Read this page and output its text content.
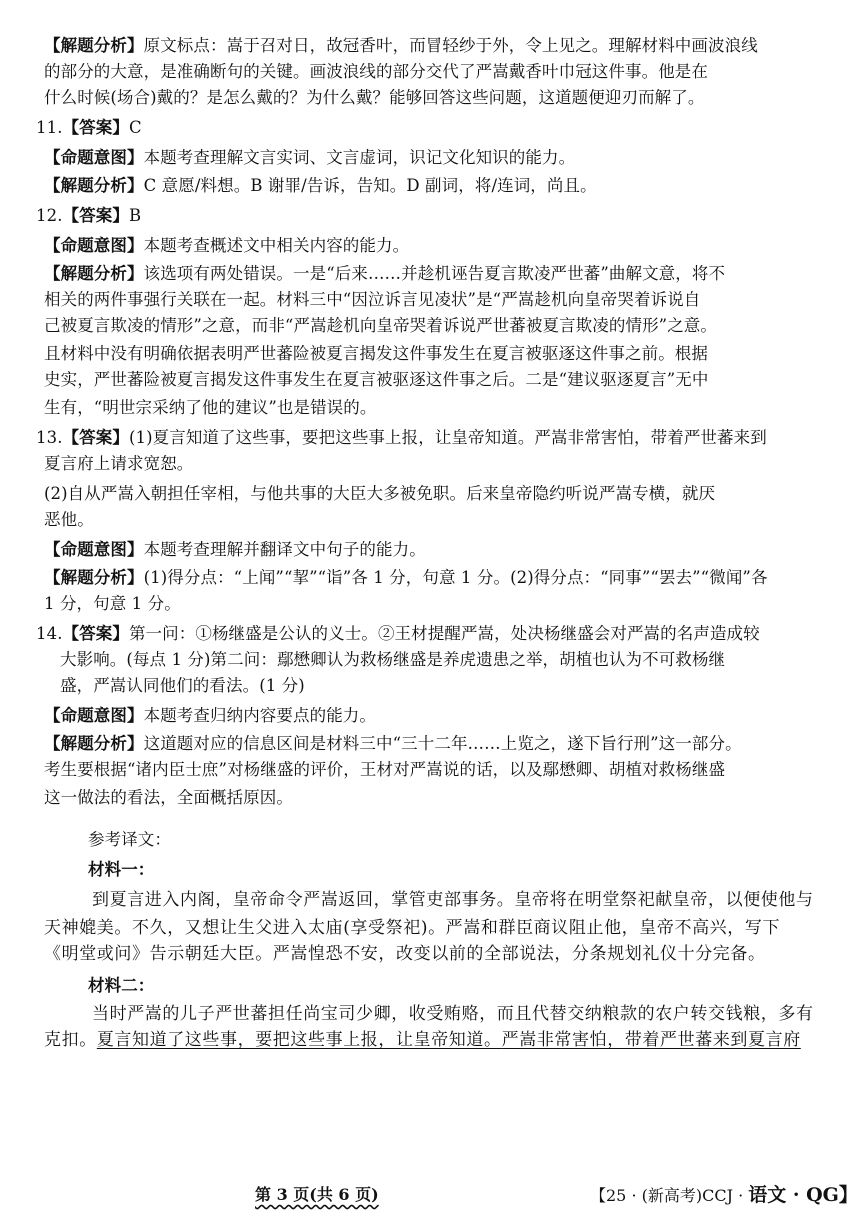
【解题分析】原文标点：嵩于召对日，故冠香叶，而冒轻纱于外，令上见之。理解材料中画波浪线
的部分的大意，是准确断句的关键。画波浪线的部分交代了严嵩戴香叶巾冠这件事。他是在
什么时候(场合)戴的？是怎么戴的？为什么戴？能够回答这些问题，这道题便迎刃而解了。
11.【答案】C
【命题意图】本题考查理解文言实词、文言虚词，识记文化知识的能力。
【解题分析】C 意愿/料想。B 谢罪/告诉，告知。D 副词，将/连词，尚且。
12.【答案】B
【命题意图】本题考查概述文中相关内容的能力。
【解题分析】该选项有两处错误。一是“后来……并趁机诬告夏言欺凌严世蕃”曲解文意，将不
相关的两件事强行关联在一起。材料三中“因泣诉言见凌状”是“严嵩趁机向皇帝哭着诉说自
己被夏言欺凌的情形”之意，而非“严嵩趁机向皇帝哭着诉说严世蕃被夏言欺凌的情形”之意。
且材料中没有明确依据表明严世蕃险被夏言揭发这件事发生在夏言被驱逐这件事之前。根据
史实，严世蕃险被夏言揭发这件事发生在夏言被驱逐这件事之后。二是“建议驱逐夏言”无中
生有，“明世宗采纳了他的建议”也是错误的。
13.【答案】(1)夏言知道了这些事，要把这些事上报，让皇帝知道。严嵩非常害怕，带着严世蕃来到
夏言府上请求宽恕。
(2)自从严嵩入朝担任宰相，与他共事的大臣大多被免职。后来皇帝隐约听说严嵩专横，就厌
恶他。
【命题意图】本题考查理解并翻译文中句子的能力。
【解题分析】(1)得分点：“上闻”“挈”“诣”各 1 分，句意 1 分。(2)得分点：“同事”“罢去”“微闻”各
1 分，句意 1 分。
14.【答案】第一问：①杨继盛是公认的义士。②王材提醒严嵩，处决杨继盛会对严嵩的名声造成较
大影响。(每点 1 分)第二问：鄢懋卿认为救杨继盛是养虎遗患之举，胡植也认为不可救杨继
盛，严嵩认同他们的看法。(1 分)
【命题意图】本题考查归纳内容要点的能力。
【解题分析】这道题对应的信息区间是材料三中“三十二年……上览之，遂下旨行刑”这一部分。
考生要根据“诸内臣士庶”对杨继盛的评价，王材对严嵩说的话，以及鄢懋卿、胡植对救杨继盛
这一做法的看法，全面概括原因。
参考译文：
材料一：
到夏言进入内阁，皇帝命令严嵩返回，掌管吏部事务。皇帝将在明堂祭祀献皇帝，以便使他与
天神媲美。不久，又想让生父进入太庙(享受祭祀)。严嵩和群臣商议阻止他，皇帝不高兴，写下
《明堂或问》告示朝廷大臣。严嵩惶恐不安，改变以前的全部说法，分条规划礼仪十分完备。
材料二：
当时严嵩的儿子严世蕃担任尚宝司少卿，收受贿赂，而且代替交纳粮款的农户转交钱粮，多有
克扣。夏言知道了这些事，要把这些事上报，让皇帝知道。严嵩非常害怕，带着严世蕃来到夏言府
第 3 页(共 6 页)	【25 · (新高考)CCJ · 语文 · QG】
